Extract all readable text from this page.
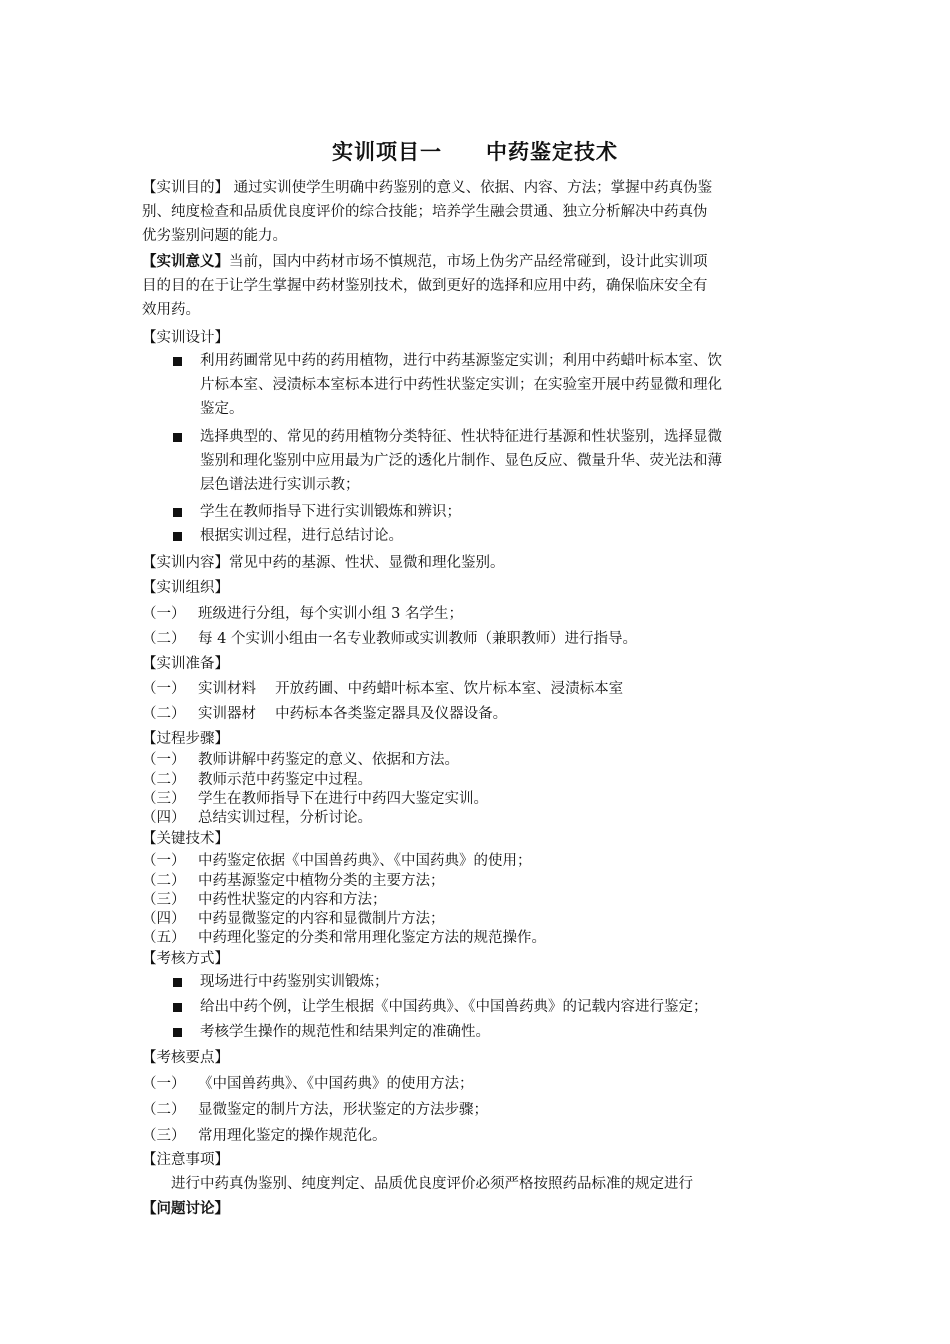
实训项目一　　中药鉴定技术

【实训目的】 通过实训使学生明确中药鉴别的意义、依据、内容、方法；掌握中药真伪鉴

别、纯度检查和品质优良度评价的综合技能；培养学生融会贯通、独立分析解决中药真伪

优劣鉴别问题的能力。

【实训意义】当前，国内中药材市场不慎规范，市场上伪劣产品经常碰到，设计此实训项

目的目的在于让学生掌握中药材鉴别技术，做到更好的选择和应用中药，确保临床安全有

效用药。

【实训设计】
利用药圃常见中药的药用植物，进行中药基源鉴定实训；利用中药蜡叶标本室、饮
片标本室、浸渍标本室标本进行中药性状鉴定实训；在实验室开展中药显微和理化
鉴定。
选择典型的、常见的药用植物分类特征、性状特征进行基源和性状鉴别，选择显微
鉴别和理化鉴别中应用最为广泛的透化片制作、显色反应、微量升华、荧光法和薄
层色谱法进行实训示教；
学生在教师指导下进行实训锻炼和辨识；
根据实训过程，进行总结讨论。
【实训内容】常见中药的基源、性状、显微和理化鉴别。
【实训组织】
（一） 班级进行分组，每个实训小组 3 名学生；
（二） 每 4 个实训小组由一名专业教师或实训教师（兼职教师）进行指导。
【实训准备】
（一） 实训材料　 开放药圃、中药蜡叶标本室、饮片标本室、浸渍标本室
（二） 实训器材　 中药标本各类鉴定器具及仪器设备。
【过程步骤】
（一） 教师讲解中药鉴定的意义、依据和方法。
（二） 教师示范中药鉴定中过程。
（三） 学生在教师指导下在进行中药四大鉴定实训。
（四） 总结实训过程，分析讨论。
【关键技术】
（一） 中药鉴定依据《中国兽药典》、《中国药典》的使用；
（二） 中药基源鉴定中植物分类的主要方法；
（三） 中药性状鉴定的内容和方法；
（四） 中药显微鉴定的内容和显微制片方法；
（五） 中药理化鉴定的分类和常用理化鉴定方法的规范操作。
【考核方式】
现场进行中药鉴别实训锻炼；
给出中药个例，让学生根据《中国药典》、《中国兽药典》的记载内容进行鉴定；
考核学生操作的规范性和结果判定的准确性。
【考核要点】
（一） 《中国兽药典》、《中国药典》的使用方法；
（二） 显微鉴定的制片方法，形状鉴定的方法步骤；
（三） 常用理化鉴定的操作规范化。
【注意事项】
进行中药真伪鉴别、纯度判定、品质优良度评价必须严格按照药品标准的规定进行
【问题讨论】
